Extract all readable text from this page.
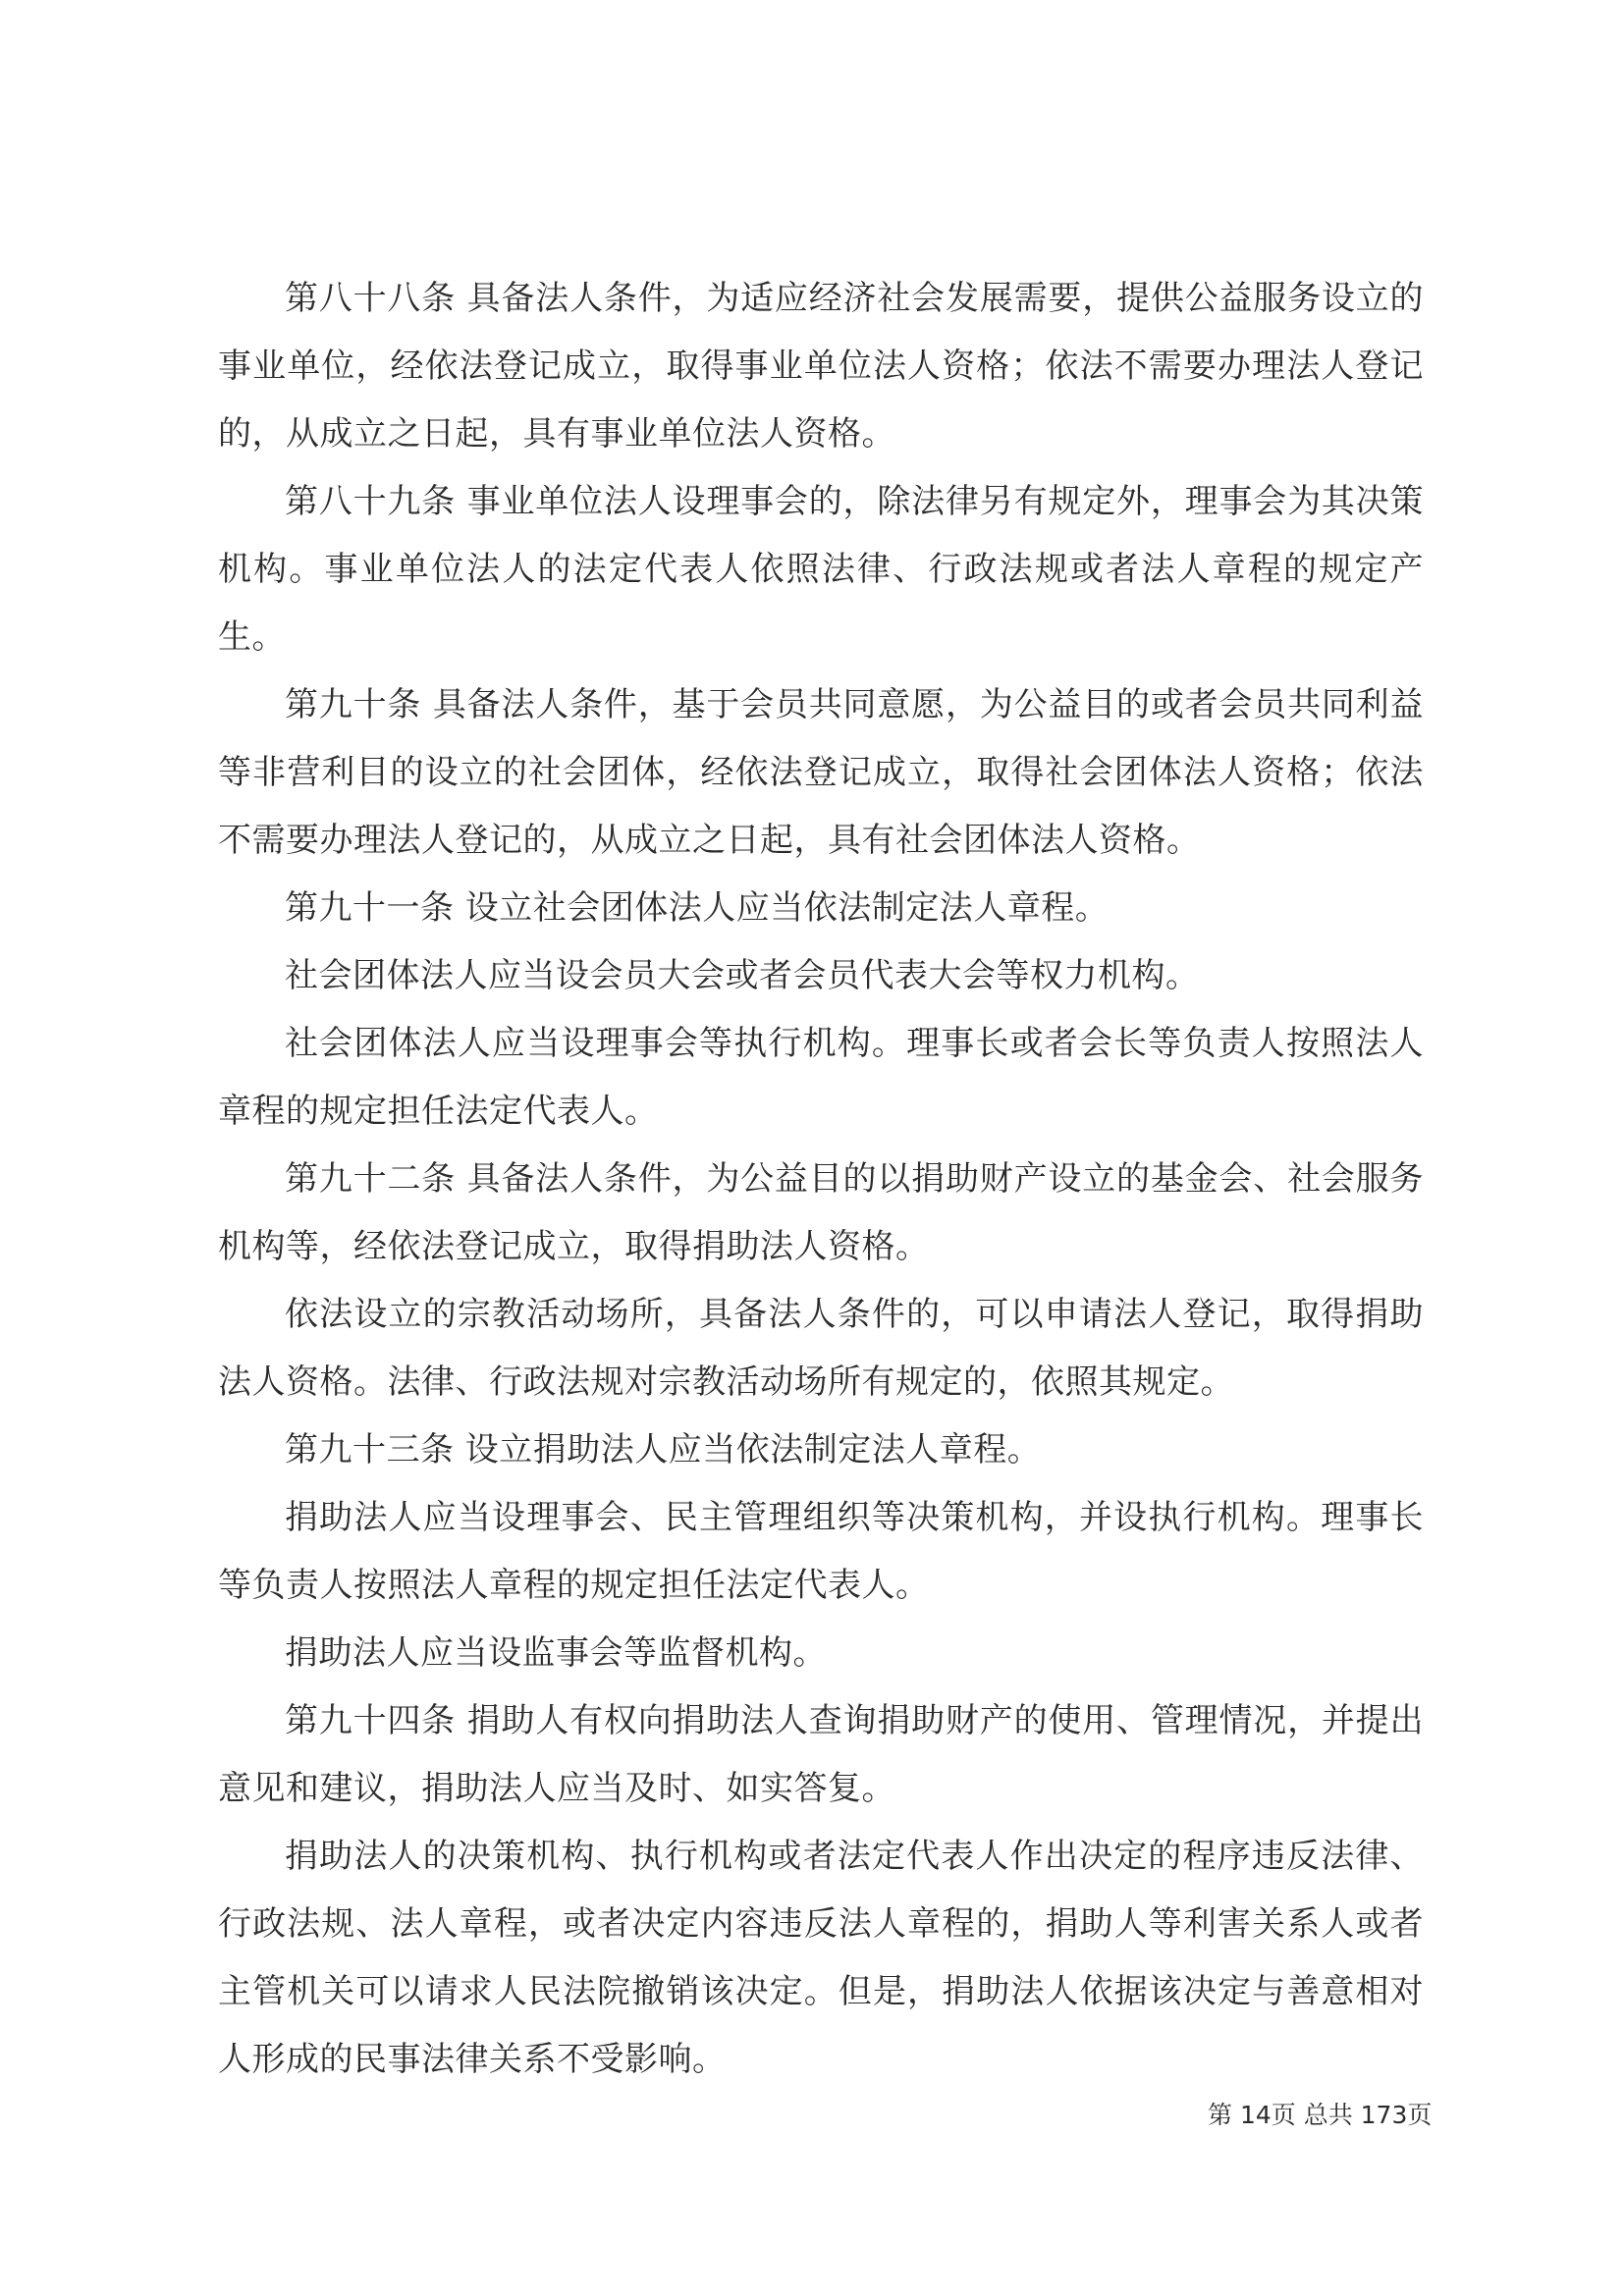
第八十八条 具备法人条件，为适应经济社会发展需要，提供公益服务设立的事业单位，经依法登记成立，取得事业单位法人资格；依法不需要办理法人登记的，从成立之日起，具有事业单位法人资格。

第八十九条 事业单位法人设理事会的，除法律另有规定外，理事会为其决策机构。事业单位法人的法定代表人依照法律、行政法规或者法人章程的规定产生。

第九十条 具备法人条件，基于会员共同意愿，为公益目的或者会员共同利益等非营利目的设立的社会团体，经依法登记成立，取得社会团体法人资格；依法不需要办理法人登记的，从成立之日起，具有社会团体法人资格。

第九十一条 设立社会团体法人应当依法制定法人章程。

社会团体法人应当设会员大会或者会员代表大会等权力机构。

社会团体法人应当设理事会等执行机构。理事长或者会长等负责人按照法人章程的规定担任法定代表人。

第九十二条 具备法人条件，为公益目的以捐助财产设立的基金会、社会服务机构等，经依法登记成立，取得捐助法人资格。

依法设立的宗教活动场所，具备法人条件的，可以申请法人登记，取得捐助法人资格。法律、行政法规对宗教活动场所有规定的，依照其规定。

第九十三条 设立捐助法人应当依法制定法人章程。

捐助法人应当设理事会、民主管理组织等决策机构，并设执行机构。理事长等负责人按照法人章程的规定担任法定代表人。

捐助法人应当设监事会等监督机构。

第九十四条 捐助人有权向捐助法人查询捐助财产的使用、管理情况，并提出意见和建议，捐助法人应当及时、如实答复。

捐助法人的决策机构、执行机构或者法定代表人作出决定的程序违反法律、行政法规、法人章程，或者决定内容违反法人章程的，捐助人等利害关系人或者主管机关可以请求人民法院撤销该决定。但是，捐助法人依据该决定与善意相对人形成的民事法律关系不受影响。

第 14页 总共 173页
